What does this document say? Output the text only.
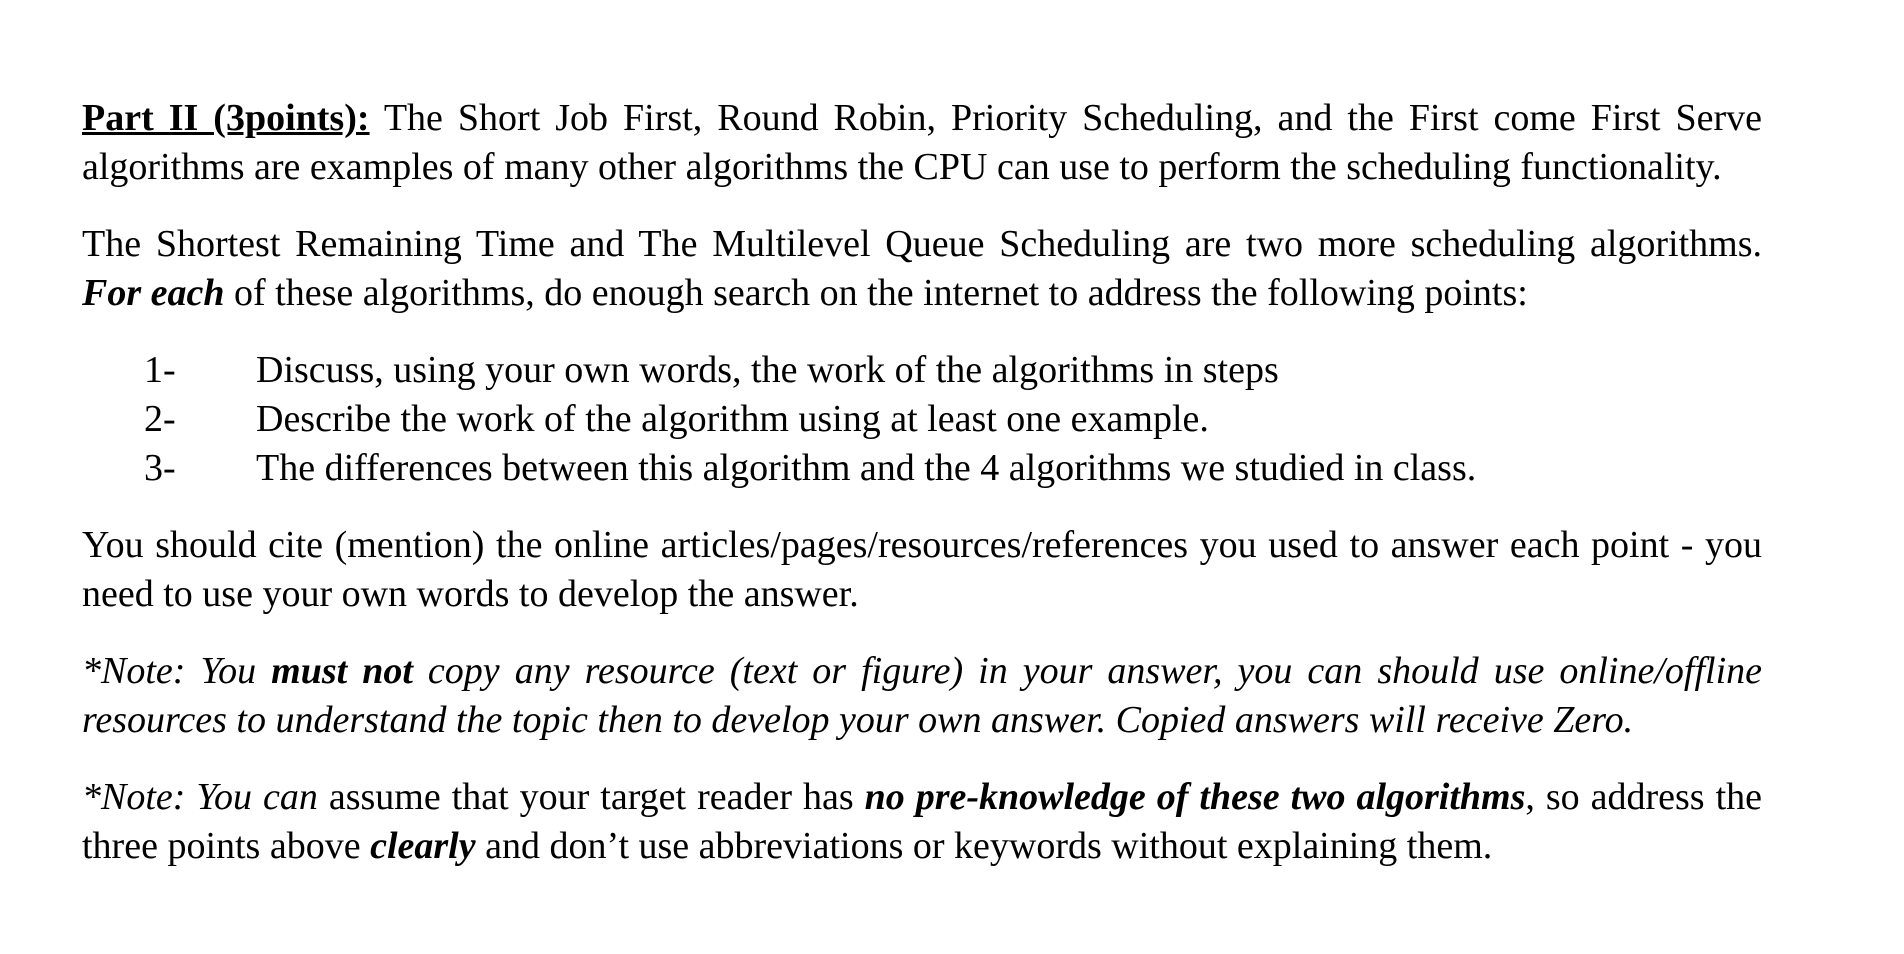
Part II (3points): The Short Job First, Round Robin, Priority Scheduling, and the First come First Serve algorithms are examples of many other algorithms the CPU can use to perform the scheduling functionality.

The Shortest Remaining Time and The Multilevel Queue Scheduling are two more scheduling algorithms. For each of these algorithms, do enough search on the internet to address the following points:

1- Discuss, using your own words, the work of the algorithms in steps
2- Describe the work of the algorithm using at least one example.
3- The differences between this algorithm and the 4 algorithms we studied in class.

You should cite (mention) the online articles/pages/resources/references you used to answer each point - you need to use your own words to develop the answer.

*Note: You must not copy any resource (text or figure) in your answer, you can should use online/offline resources to understand the topic then to develop your own answer. Copied answers will receive Zero.

*Note: You can assume that your target reader has no pre-knowledge of these two algorithms, so address the three points above clearly and don’t use abbreviations or keywords without explaining them.
